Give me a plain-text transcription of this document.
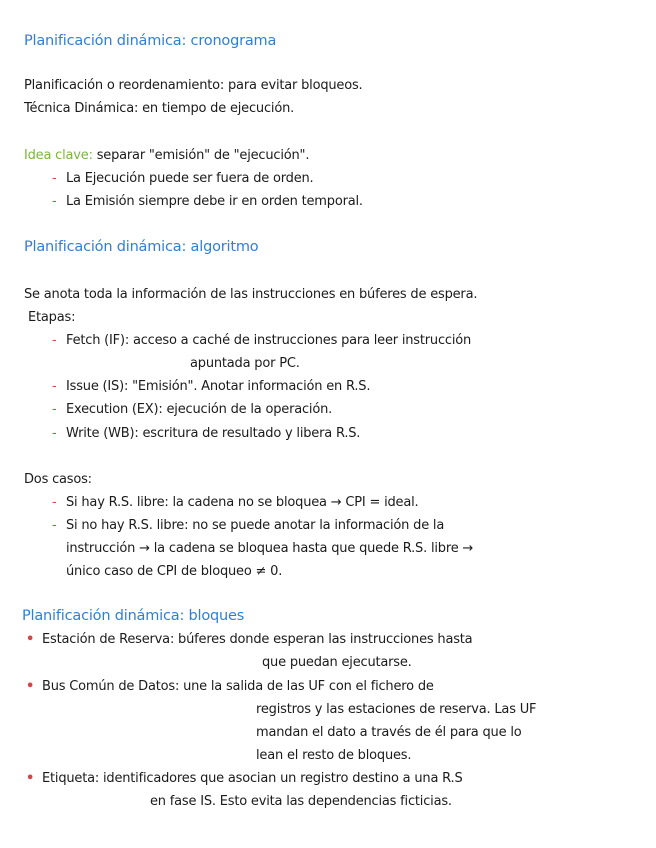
Planificación dinámica: cronograma
Planificación o reordenamiento: para evitar bloqueos.
Técnica Dinámica: en tiempo de ejecución.
Idea clave: separar "emisión" de "ejecución".
- La Ejecución puede ser fuera de orden.
- La Emisión siempre debe ir en orden temporal.
Planificación dinámica: algoritmo
Se anota toda la información de las instrucciones en búferes de espera.
Etapas:
- Fetch (IF): acceso a caché de instrucciones para leer instrucción
apuntada por PC.
- Issue (IS): "Emisión". Anotar información en R.S.
- Execution (EX): ejecución de la operación.
- Write (WB): escritura de resultado y libera R.S.
Dos casos:
- Si hay R.S. libre: la cadena no se bloquea → CPI = ideal.
- Si no hay R.S. libre: no se puede anotar la información de la
instrucción → la cadena se bloquea hasta que quede R.S. libre →
único caso de CPI de bloqueo ≠ 0.
Planificación dinámica: bloques
• Estación de Reserva: búferes donde esperan las instrucciones hasta
que puedan ejecutarse.
• Bus Común de Datos: une la salida de las UF con el fichero de
registros y las estaciones de reserva. Las UF
mandan el dato a través de él para que lo
lean el resto de bloques.
• Etiqueta: identificadores que asocian un registro destino a una R.S
en fase IS. Esto evita las dependencias ficticias.
